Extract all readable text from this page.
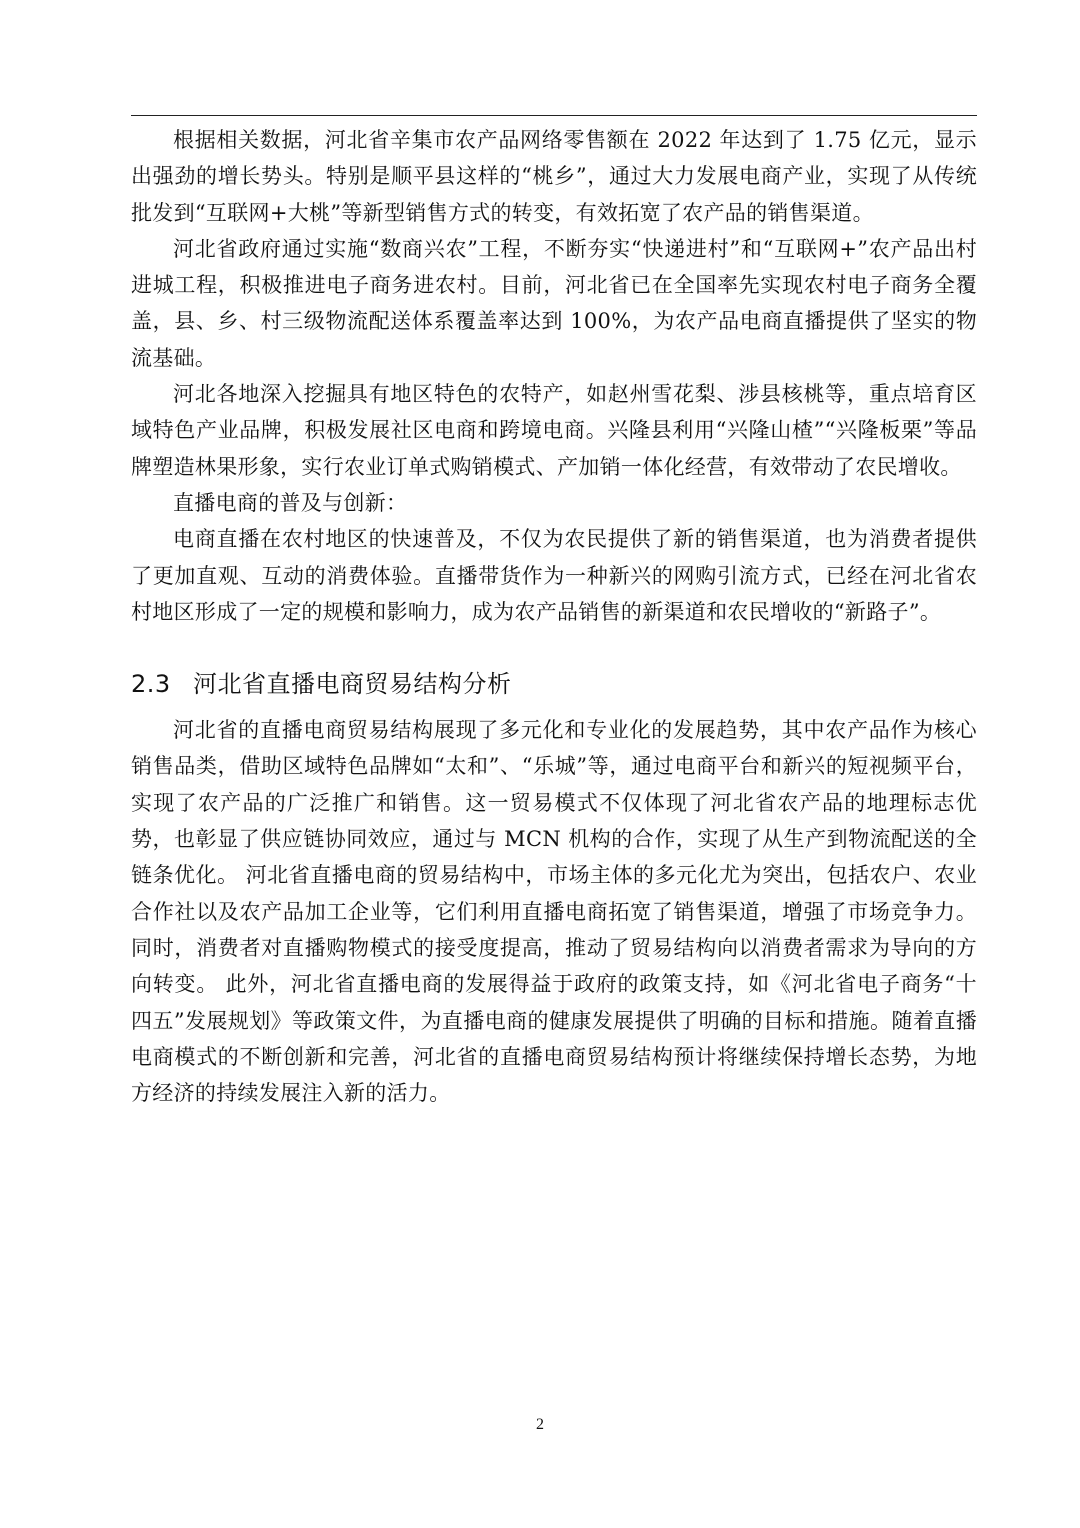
根据相关数据，河北省辛集市农产品网络零售额在 2022 年达到了 1.75 亿元，显示出强劲的增长势头。特别是顺平县这样的“桃乡”，通过大力发展电商产业，实现了从传统批发到“互联网+大桃”等新型销售方式的转变，有效拓宽了农产品的销售渠道。

河北省政府通过实施“数商兴农”工程，不断夯实“快递进村”和“互联网+”农产品出村进城工程，积极推进电子商务进农村。目前，河北省已在全国率先实现农村电子商务全覆盖，县、乡、村三级物流配送体系覆盖率达到 100%，为农产品电商直播提供了坚实的物流基础。

河北各地深入挖掘具有地区特色的农特产，如赵州雪花梨、涉县核桃等，重点培育区域特色产业品牌，积极发展社区电商和跨境电商。兴隆县利用“兴隆山楂”“兴隆板栗”等品牌塑造林果形象，实行农业订单式购销模式、产加销一体化经营，有效带动了农民增收。

直播电商的普及与创新：

电商直播在农村地区的快速普及，不仅为农民提供了新的销售渠道，也为消费者提供了更加直观、互动的消费体验。直播带货作为一种新兴的网购引流方式，已经在河北省农村地区形成了一定的规模和影响力，成为农产品销售的新渠道和农民增收的“新路子”。

2.3 河北省直播电商贸易结构分析

河北省的直播电商贸易结构展现了多元化和专业化的发展趋势，其中农产品作为核心销售品类，借助区域特色品牌如“太和”、“乐城”等，通过电商平台和新兴的短视频平台，实现了农产品的广泛推广和销售。这一贸易模式不仅体现了河北省农产品的地理标志优势，也彰显了供应链协同效应，通过与 MCN 机构的合作，实现了从生产到物流配送的全链条优化。 河北省直播电商的贸易结构中，市场主体的多元化尤为突出，包括农户、农业合作社以及农产品加工企业等，它们利用直播电商拓宽了销售渠道，增强了市场竞争力。同时，消费者对直播购物模式的接受度提高，推动了贸易结构向以消费者需求为导向的方向转变。 此外，河北省直播电商的发展得益于政府的政策支持，如《河北省电子商务“十四五”发展规划》等政策文件，为直播电商的健康发展提供了明确的目标和措施。随着直播电商模式的不断创新和完善，河北省的直播电商贸易结构预计将继续保持增长态势，为地方经济的持续发展注入新的活力。

2
